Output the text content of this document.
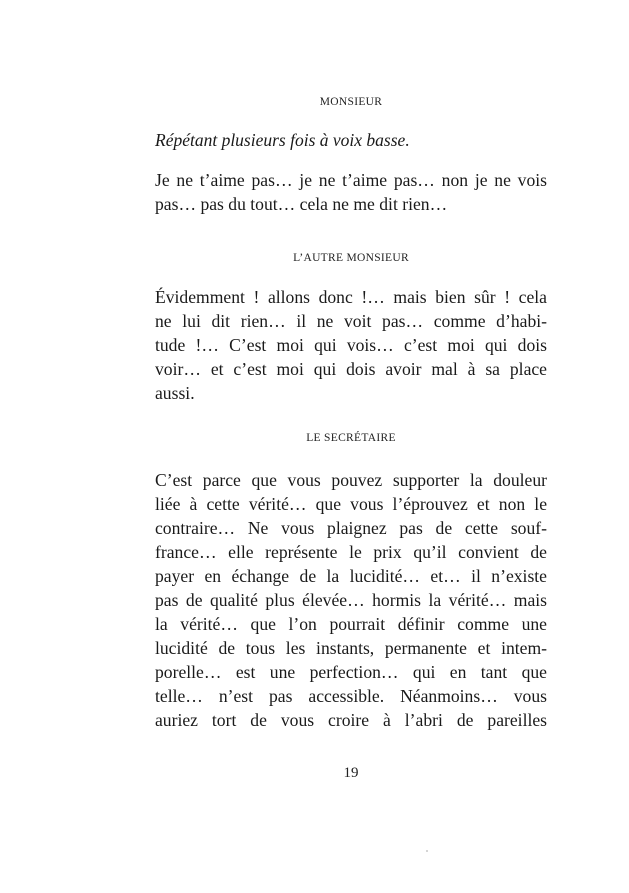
MONSIEUR
Répétant plusieurs fois à voix basse.
Je ne t’aime pas… je ne t’aime pas… non je ne vois
pas… pas du tout… cela ne me dit rien…
L’AUTRE MONSIEUR
Évidemment ! allons donc !… mais bien sûr ! cela
ne lui dit rien… il ne voit pas… comme d’habi-
tude !… C’est moi qui vois… c’est moi qui dois
voir… et c’est moi qui dois avoir mal à sa place
aussi.
LE SECRÉTAIRE
C’est parce que vous pouvez supporter la douleur
liée à cette vérité… que vous l’éprouvez et non le
contraire… Ne vous plaignez pas de cette souf-
france… elle représente le prix qu’il convient de
payer en échange de la lucidité… et… il n’existe
pas de qualité plus élevée… hormis la vérité… mais
la vérité… que l’on pourrait définir comme une
lucidité de tous les instants, permanente et intem-
porelle… est une perfection… qui en tant que
telle… n’est pas accessible. Néanmoins… vous
auriez tort de vous croire à l’abri de pareilles
19
